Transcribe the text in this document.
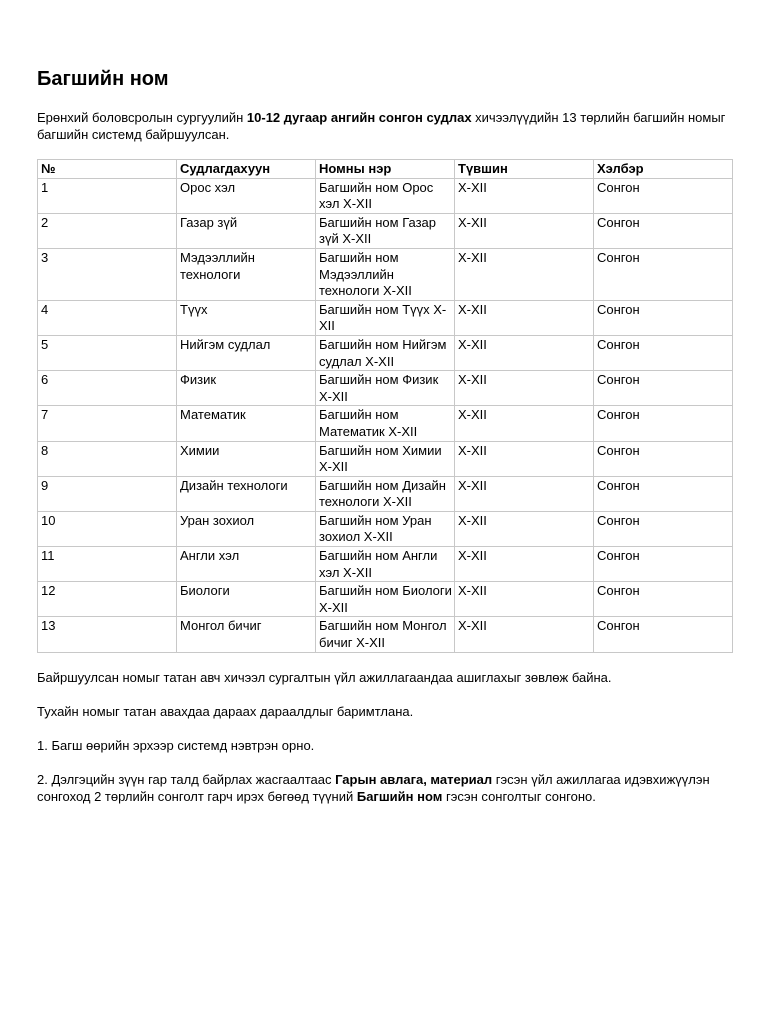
Багшийн ном

Ерөнхий боловсролын сургуулийн 10-12 дугаар ангийн сонгон судлах хичээлүүдийн 13 төрлийн багшийн номыг багшийн системд байршуулсан.

№	Судлагдахуун	Номны нэр	Түвшин	Хэлбэр
1	Орос хэл	Багшийн ном Орос хэл X-XII	X-XII	Сонгон
2	Газар зүй	Багшийн ном Газар зүй X-XII	X-XII	Сонгон
3	Мэдээллийн технологи	Багшийн ном Мэдээллийн технологи X-XII	X-XII	Сонгон
4	Түүх	Багшийн ном Түүх X-XII	X-XII	Сонгон
5	Нийгэм судлал	Багшийн ном Нийгэм судлал X-XII	X-XII	Сонгон
6	Физик	Багшийн ном Физик X-XII	X-XII	Сонгон
7	Математик	Багшийн ном Математик X-XII	X-XII	Сонгон
8	Химии	Багшийн ном Химии X-XII	X-XII	Сонгон
9	Дизайн технологи	Багшийн ном Дизайн технологи X-XII	X-XII	Сонгон
10	Уран зохиол	Багшийн ном Уран зохиол X-XII	X-XII	Сонгон
11	Англи хэл	Багшийн ном Англи хэл X-XII	X-XII	Сонгон
12	Биологи	Багшийн ном Биологи X-XII	X-XII	Сонгон
13	Монгол бичиг	Багшийн ном Монгол бичиг X-XII	X-XII	Сонгон

Байршуулсан номыг татан авч хичээл сургалтын үйл ажиллагаандаа ашиглахыг зөвлөж байна.

Тухайн номыг татан авахдаа дараах дараалдлыг баримтлана.

1. Багш өөрийн эрхээр системд нэвтрэн орно.

2. Дэлгэцийн зүүн гар талд байрлах жасгаалтаас Гарын авлага, материал гэсэн үйл ажиллагаа идэвхижүүлэн сонгоход 2 төрлийн сонголт гарч ирэх бөгөөд түүний Багшийн ном гэсэн сонголтыг сонгоно.
